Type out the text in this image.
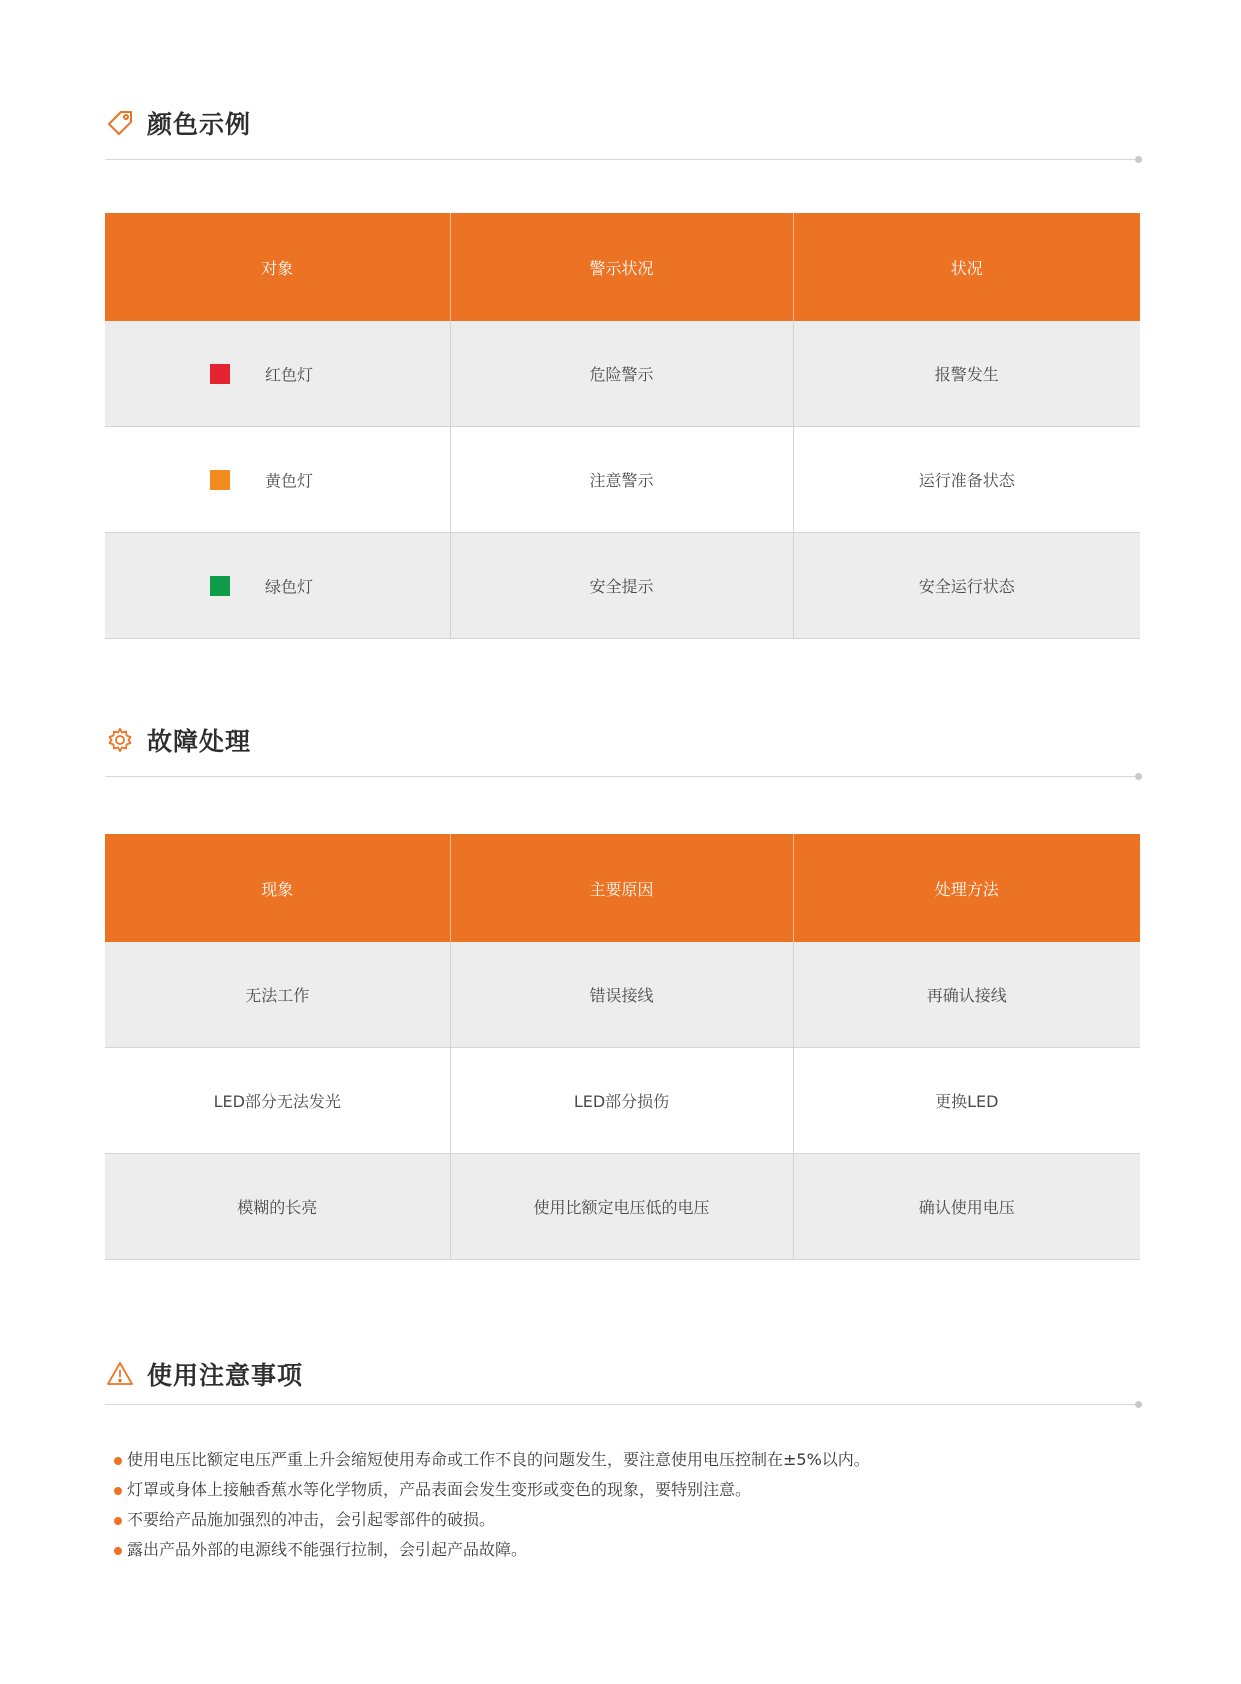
颜色示例
对象	警示状况	状况

红色灯	危险警示	报警发生

黄色灯	注意警示	运行准备状态

绿色灯	安全提示	安全运行状态
故障处理
现象	主要原因	处理方法
无法工作	错误接线	再确认接线
LED部分无法发光	LED部分损伤	更换LED
模糊的长亮	使用比额定电压低的电压	确认使用电压
使用注意事项
使用电压比额定电压严重上升会缩短使用寿命或工作不良的问题发生，要注意使用电压控制在±5%以内。
灯罩或身体上接触香蕉水等化学物质，产品表面会发生变形或变色的现象，要特别注意。
不要给产品施加强烈的冲击，会引起零部件的破损。
露出产品外部的电源线不能强行拉制，会引起产品故障。
